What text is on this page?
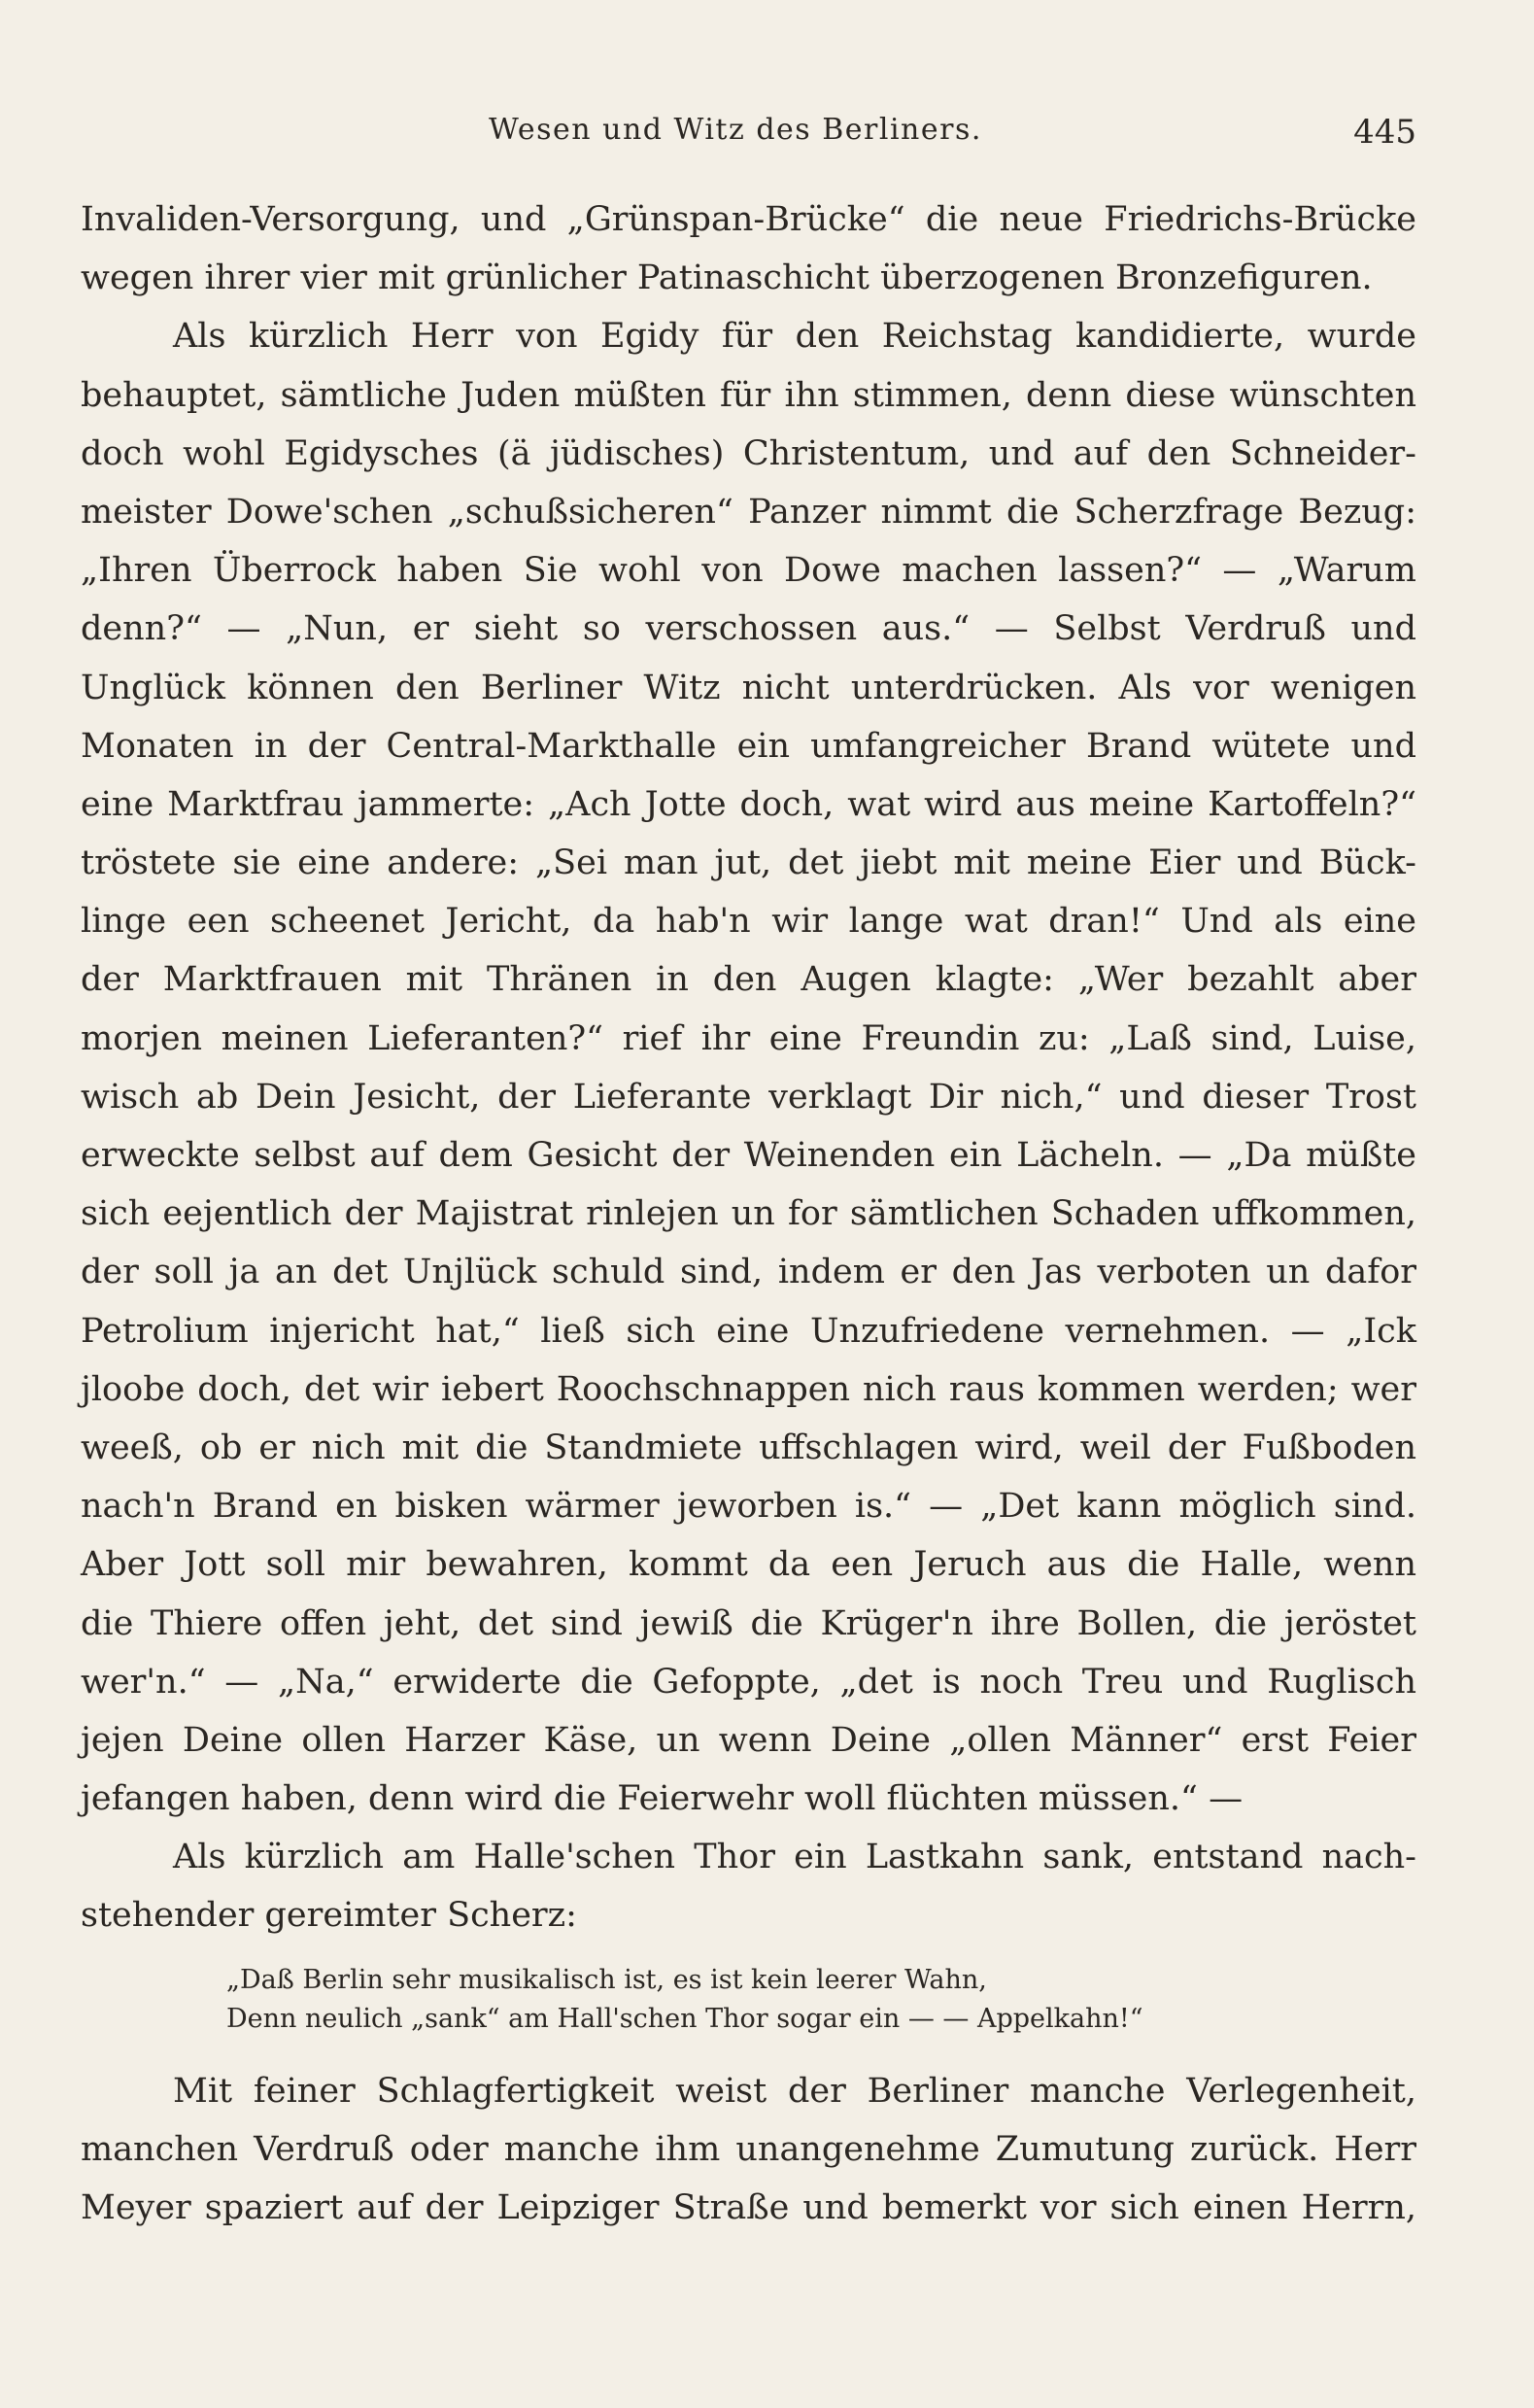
Wesen und Witz des Berliners.	445
Invaliden-Versorgung, und „Grünspan-Brücke“ die neue Friedrichs-Brücke
wegen ihrer vier mit grünlicher Patinaschicht überzogenen Bronzefiguren.
Als kürzlich Herr von Egidy für den Reichstag kandidierte, wurde
behauptet, sämtliche Juden müßten für ihn stimmen, denn diese wünschten
doch wohl Egidysches (ä jüdisches) Christentum, und auf den Schneider-
meister Dowe'schen „schußsicheren“ Panzer nimmt die Scherzfrage Bezug:
„Ihren Überrock haben Sie wohl von Dowe machen lassen?“ — „Warum
denn?“ — „Nun, er sieht so verschossen aus.“ — Selbst Verdruß und
Unglück können den Berliner Witz nicht unterdrücken. Als vor wenigen
Monaten in der Central-Markthalle ein umfangreicher Brand wütete und
eine Marktfrau jammerte: „Ach Jotte doch, wat wird aus meine Kartoffeln?“
tröstete sie eine andere: „Sei man jut, det jiebt mit meine Eier und Bück-
linge een scheenet Jericht, da hab'n wir lange wat dran!“ Und als eine
der Marktfrauen mit Thränen in den Augen klagte: „Wer bezahlt aber
morjen meinen Lieferanten?“ rief ihr eine Freundin zu: „Laß sind, Luise,
wisch ab Dein Jesicht, der Lieferante verklagt Dir nich,“ und dieser Trost
erweckte selbst auf dem Gesicht der Weinenden ein Lächeln. — „Da müßte
sich eejentlich der Majistrat rinlejen un for sämtlichen Schaden uffkommen,
der soll ja an det Unjlück schuld sind, indem er den Jas verboten un dafor
Petrolium injericht hat,“ ließ sich eine Unzufriedene vernehmen. — „Ick
jloobe doch, det wir iebert Roochschnappen nich raus kommen werden; wer
weeß, ob er nich mit die Standmiete uffschlagen wird, weil der Fußboden
nach'n Brand en bisken wärmer jeworben is.“ — „Det kann möglich sind.
Aber Jott soll mir bewahren, kommt da een Jeruch aus die Halle, wenn
die Thiere offen jeht, det sind jewiß die Krüger'n ihre Bollen, die jeröstet
wer'n.“ — „Na,“ erwiderte die Gefoppte, „det is noch Treu und Ruglisch
jejen Deine ollen Harzer Käse, un wenn Deine „ollen Männer“ erst Feier
jefangen haben, denn wird die Feierwehr woll flüchten müssen.“ —
Als kürzlich am Halle'schen Thor ein Lastkahn sank, entstand nach-
stehender gereimter Scherz:
„Daß Berlin sehr musikalisch ist, es ist kein leerer Wahn,
Denn neulich „sank“ am Hall'schen Thor sogar ein — — Appelkahn!“
Mit feiner Schlagfertigkeit weist der Berliner manche Verlegenheit,
manchen Verdruß oder manche ihm unangenehme Zumutung zurück. Herr
Meyer spaziert auf der Leipziger Straße und bemerkt vor sich einen Herrn,
